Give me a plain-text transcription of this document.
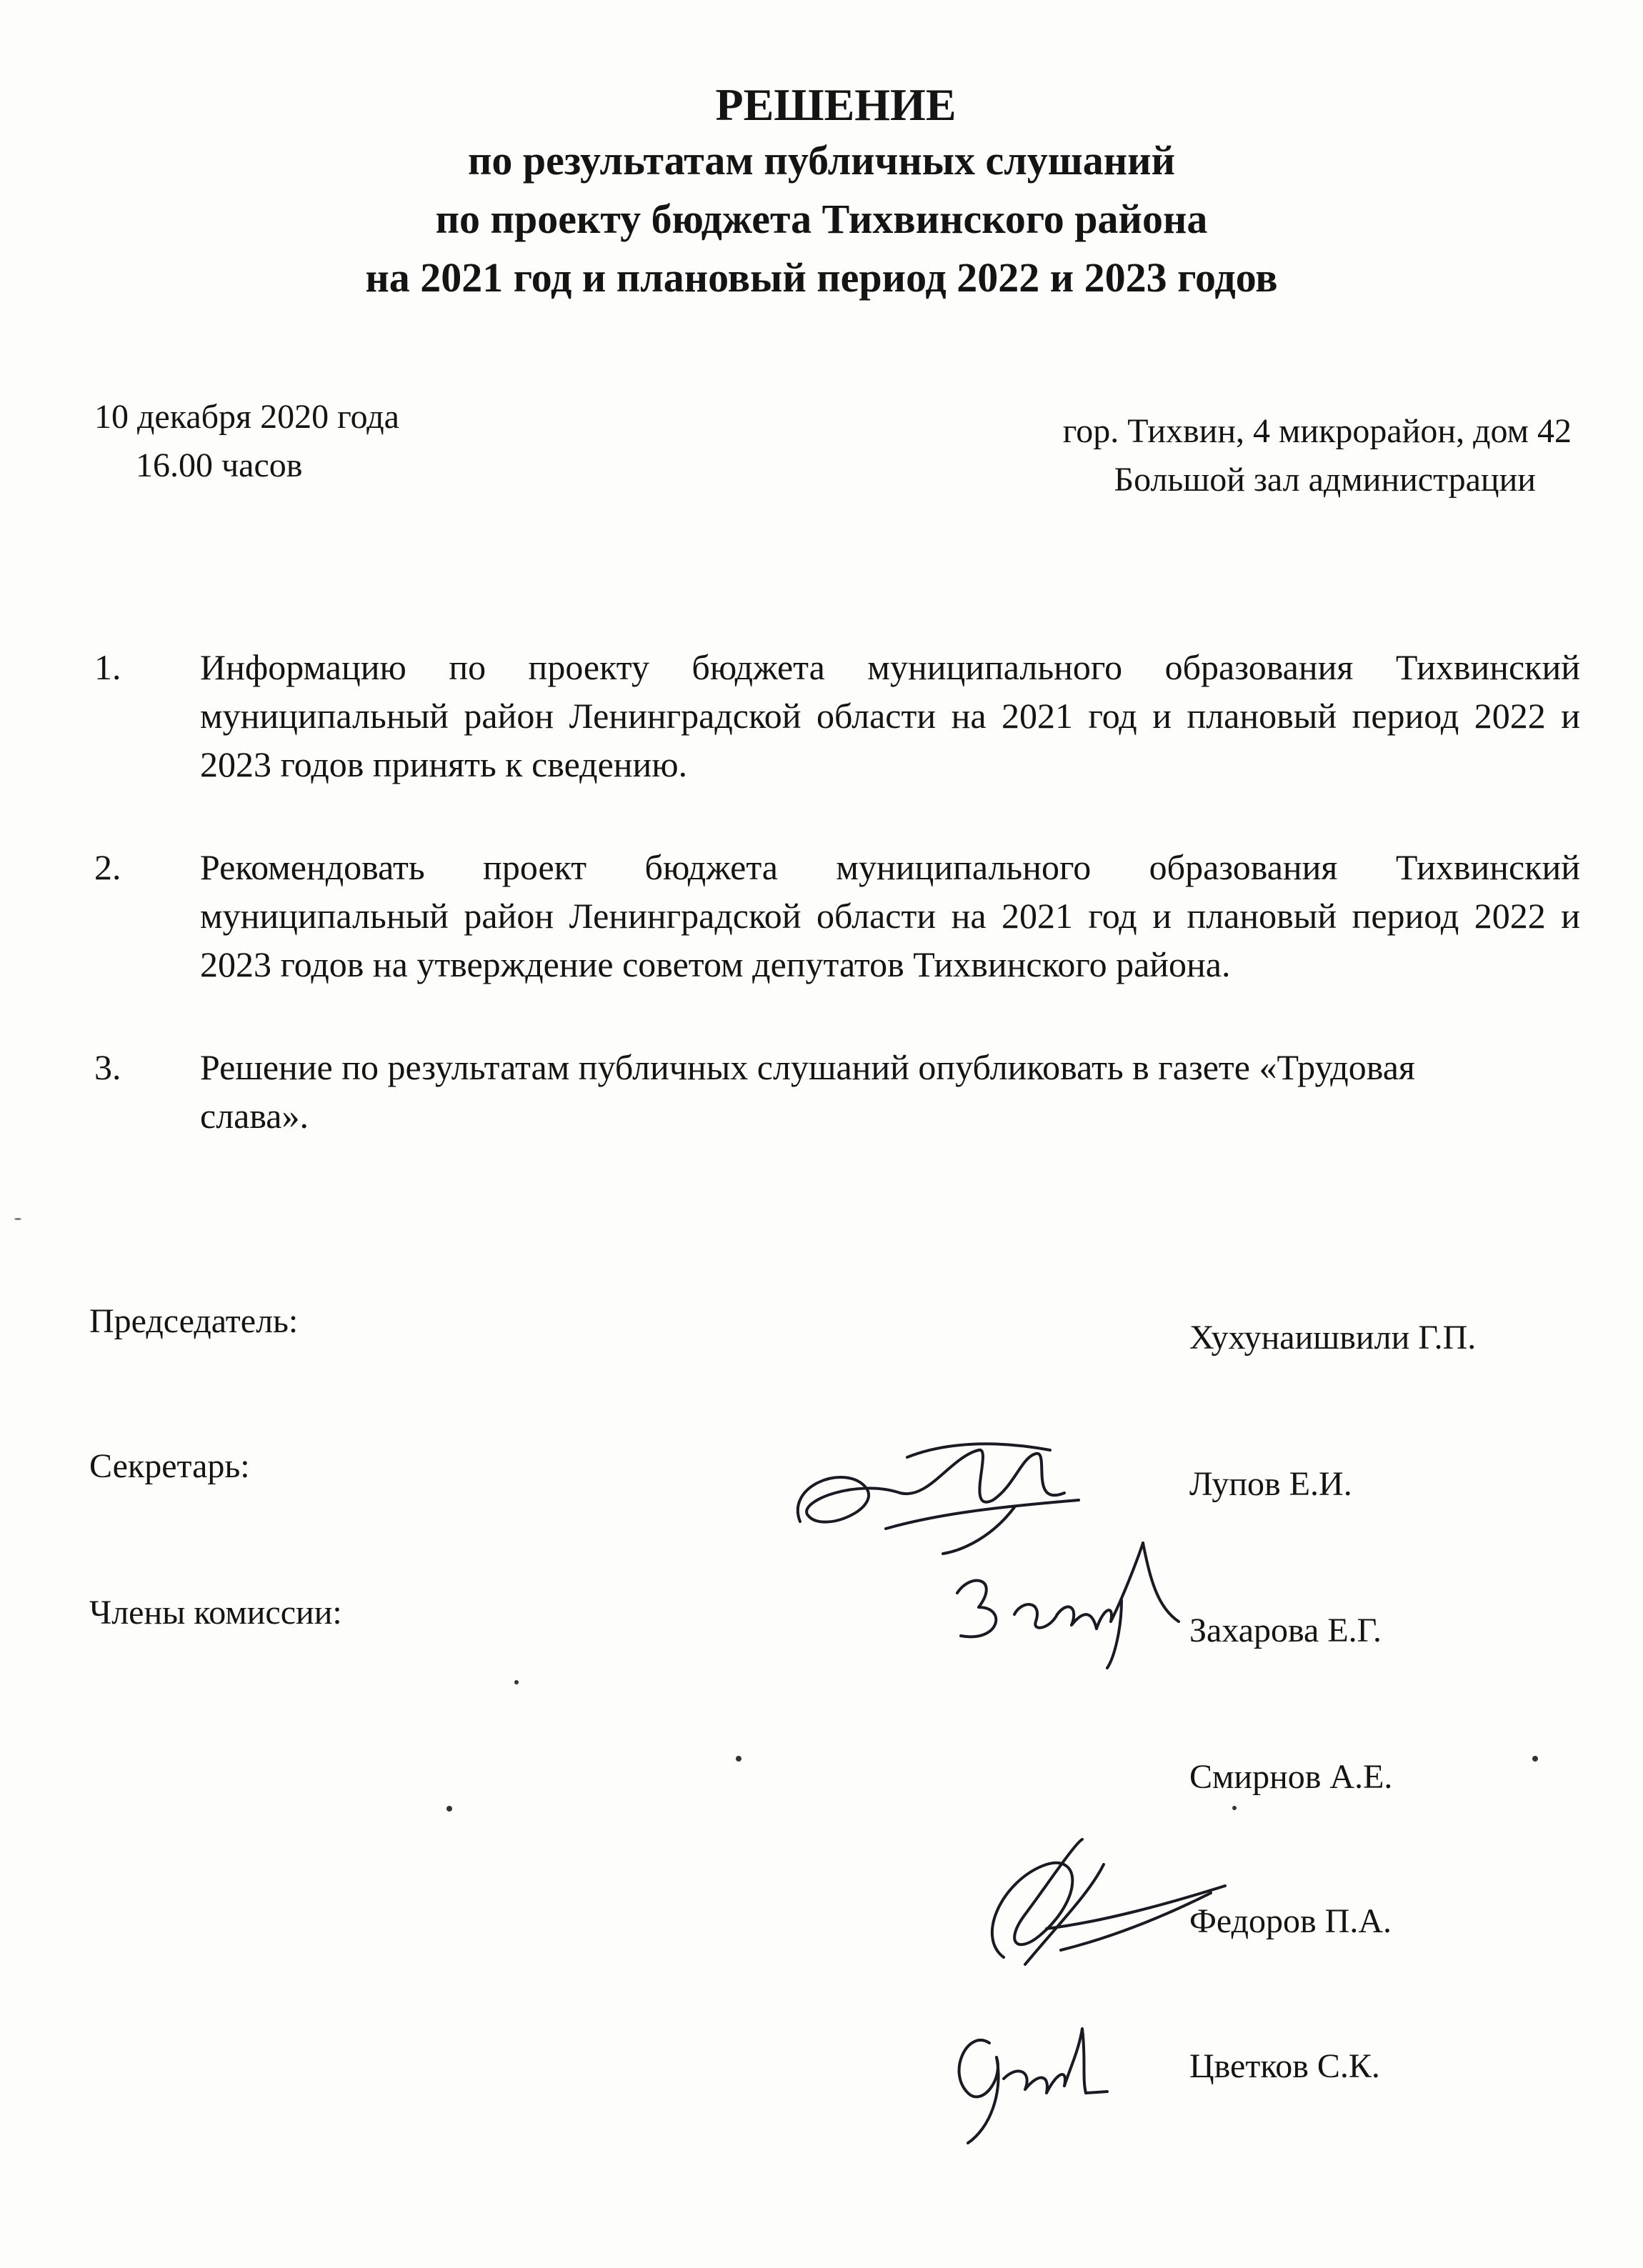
РЕШЕНИЕ
по результатам публичных слушаний
по проекту бюджета Тихвинского района
на 2021 год и плановый период 2022 и 2023 годов
10 декабря 2020 года
16.00 часов
гор. Тихвин, 4 микрорайон, дом 42
Большой зал администрации
1. Информацию по проекту бюджета муниципального образования Тихвинский муниципальный район Ленинградской области на 2021 год и плановый период 2022 и 2023 годов принять к сведению.
2. Рекомендовать проект бюджета муниципального образования Тихвинский муниципальный район Ленинградской области на 2021 год и плановый период 2022 и 2023 годов на утверждение советом депутатов Тихвинского района.
3. Решение по результатам публичных слушаний опубликовать в газете «Трудовая слава».
Председатель:	Хухунаишвили Г.П.
Секретарь:	Лупов Е.И.
Члены комиссии:	Захарова Е.Г.
Смирнов А.Е.
Федоров П.А.
Цветков С.К.
